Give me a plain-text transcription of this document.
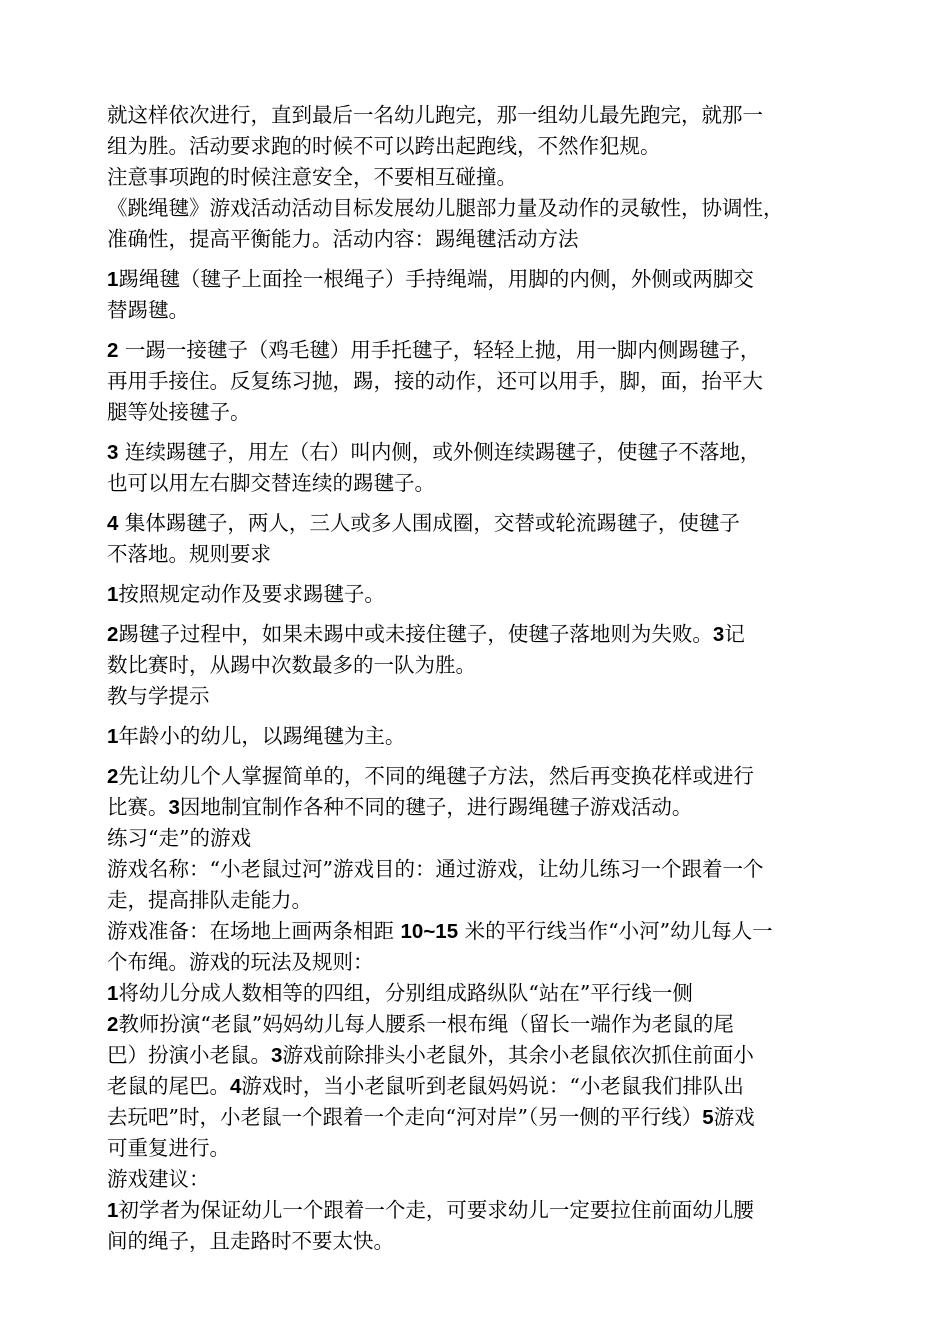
就这样依次进行，直到最后一名幼儿跑完，那一组幼儿最先跑完，就那一
组为胜。活动要求跑的时候不可以跨出起跑线，不然作犯规。

注意事项跑的时候注意安全，不要相互碰撞。

《跳绳毽》游戏活动活动目标发展幼儿腿部力量及动作的灵敏性，协调性，
准确性，提高平衡能力。活动内容：踢绳毽活动方法

1踢绳毽（毽子上面拴一根绳子）手持绳端，用脚的内侧，外侧或两脚交
替踢毽。

2 一踢一接毽子（鸡毛毽）用手托毽子，轻轻上抛，用一脚内侧踢毽子，
再用手接住。反复练习抛，踢，接的动作，还可以用手，脚，面，抬平大
腿等处接毽子。

3 连续踢毽子，用左（右）叫内侧，或外侧连续踢毽子，使毽子不落地，
也可以用左右脚交替连续的踢毽子。

4 集体踢毽子，两人，三人或多人围成圈，交替或轮流踢毽子，使毽子
不落地。规则要求

1按照规定动作及要求踢毽子。

2踢毽子过程中，如果未踢中或未接住毽子，使毽子落地则为失败。3记
数比赛时，从踢中次数最多的一队为胜。

教与学提示

1年龄小的幼儿，以踢绳毽为主。

2先让幼儿个人掌握简单的，不同的绳毽子方法，然后再变换花样或进行
比赛。3因地制宜制作各种不同的毽子，进行踢绳毽子游戏活动。

练习“走”的游戏

游戏名称：“小老鼠过河”游戏目的：通过游戏，让幼儿练习一个跟着一个
走，提高排队走能力。

游戏准备：在场地上画两条相距 10~15 米的平行线当作“小河”幼儿每人一
个布绳。游戏的玩法及规则：

1将幼儿分成人数相等的四组，分别组成路纵队“站在”平行线一侧

2教师扮演“老鼠”妈妈幼儿每人腰系一根布绳（留长一端作为老鼠的尾
巴）扮演小老鼠。3游戏前除排头小老鼠外，其余小老鼠依次抓住前面小
老鼠的尾巴。4游戏时，当小老鼠听到老鼠妈妈说：“小老鼠我们排队出
去玩吧”时，小老鼠一个跟着一个走向“河对岸”（另一侧的平行线）5游戏
可重复进行。

游戏建议：

1初学者为保证幼儿一个跟着一个走，可要求幼儿一定要拉住前面幼儿腰
间的绳子，且走路时不要太快。
